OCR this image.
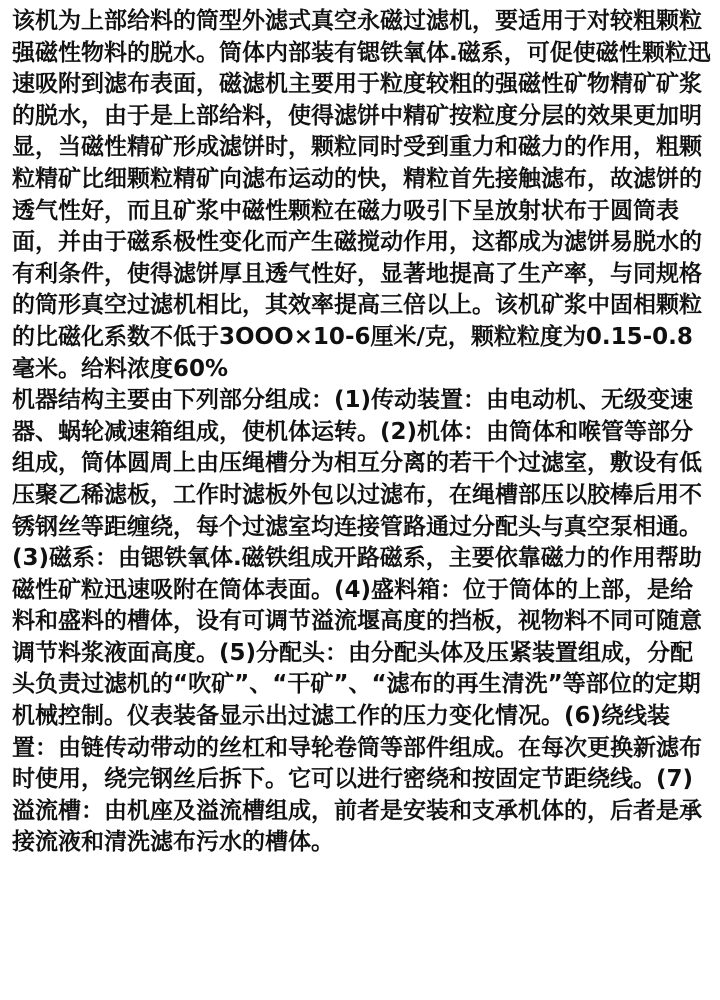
该机为上部给料的筒型外滤式真空永磁过滤机，要适用于对较粗颗粒强磁性物料的脱水。筒体内部装有锶铁氧体.磁系，可促使磁性颗粒迅速吸附到滤布表面，磁滤机主要用于粒度较粗的强磁性矿物精矿矿浆的脱水，由于是上部给料，使得滤饼中精矿按粒度分层的效果更加明显，当磁性精矿形成滤饼时，颗粒同时受到重力和磁力的作用，粗颗粒精矿比细颗粒精矿向滤布运动的快，精粒首先接触滤布，故滤饼的透气性好，而且矿浆中磁性颗粒在磁力吸引下呈放射状布于圆筒表面，并由于磁系极性变化而产生磁搅动作用，这都成为滤饼易脱水的有利条件，使得滤饼厚且透气性好，显著地提高了生产率，与同规格的筒形真空过滤机相比，其效率提高三倍以上。该机矿浆中固相颗粒的比磁化系数不低于3OOO×10-6厘米/克，颗粒粒度为0.15-0.8毫米。给料浓度60%

机器结构主要由下列部分组成：(1)传动装置：由电动机、无级变速器、蜗轮减速箱组成，使机体运转。(2)机体：由筒体和喉管等部分组成，筒体圆周上由压绳槽分为相互分离的若干个过滤室，敷设有低压聚乙稀滤板，工作时滤板外包以过滤布，在绳槽部压以胶棒后用不锈钢丝等距缠绕，每个过滤室均连接管路通过分配头与真空泵相通。(3)磁系：由锶铁氧体.磁铁组成开路磁系，主要依靠磁力的作用帮助磁性矿粒迅速吸附在筒体表面。(4)盛料箱：位于筒体的上部，是给料和盛料的槽体，设有可调节溢流堰高度的挡板，视物料不同可随意调节料浆液面高度。(5)分配头：由分配头体及压紧装置组成，分配头负责过滤机的“吹矿”、“干矿”、“滤布的再生清洗”等部位的定期机械控制。仪表装备显示出过滤工作的压力变化情况。(6)绕线装置：由链传动带动的丝杠和导轮卷筒等部件组成。在每次更换新滤布时使用，绕完钢丝后拆下。它可以进行密绕和按固定节距绕线。(7)溢流槽：由机座及溢流槽组成，前者是安装和支承机体的，后者是承接流液和清洗滤布污水的槽体。
